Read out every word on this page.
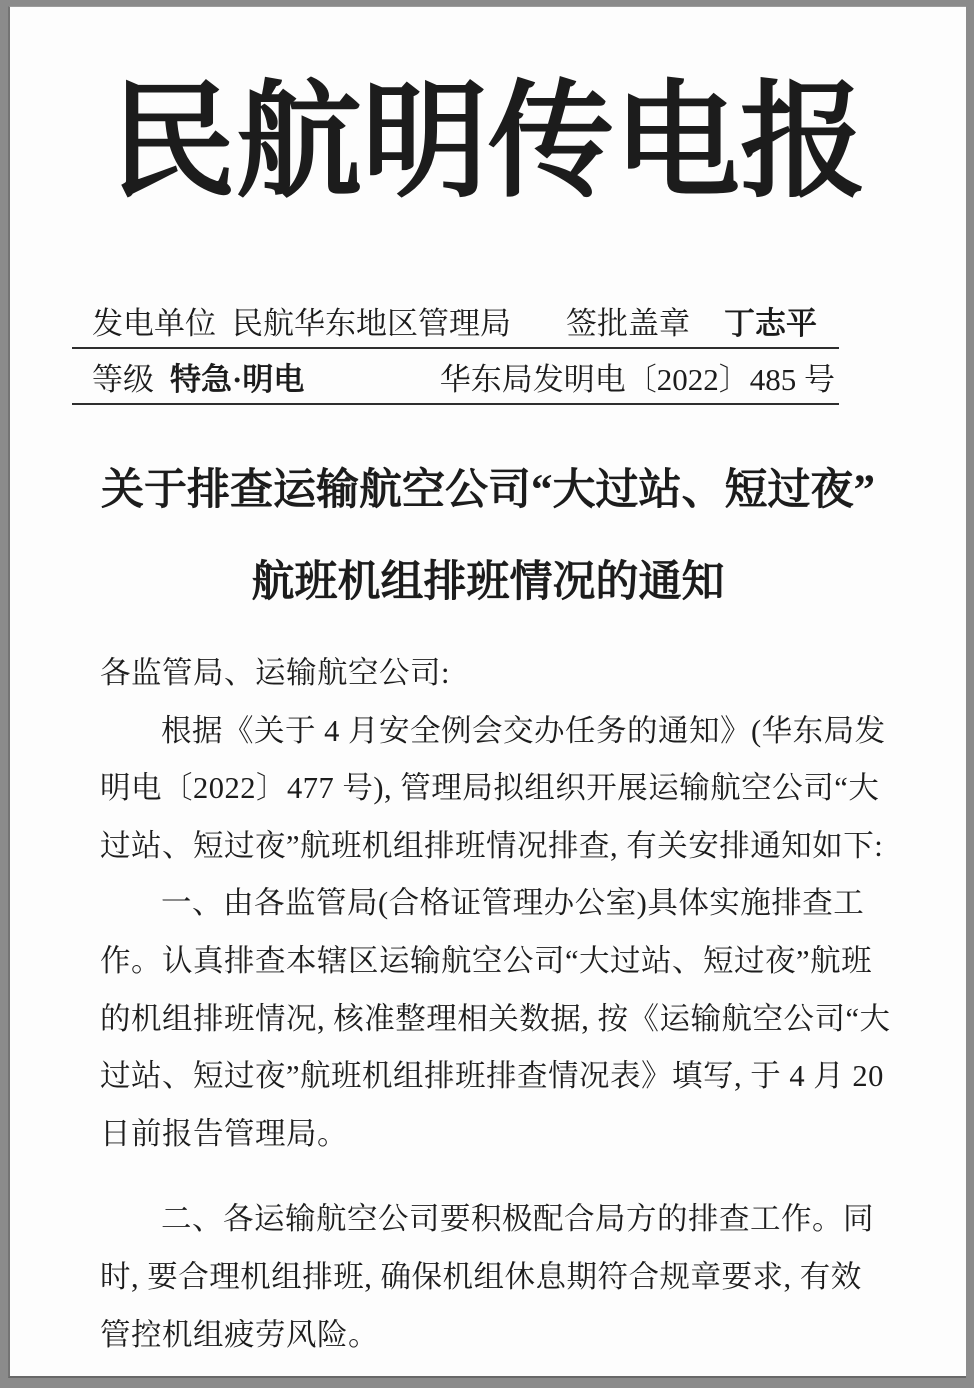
民航明传电报
发电单位 民航华东地区管理局 签批盖章 丁志平
等级 特急·明电	华东局发明电〔2022〕485 号
关于排查运输航空公司“大过站、短过夜”
航班机组排班情况的通知
各监管局、运输航空公司:
根据《关于 4 月安全例会交办任务的通知》(华东局发
明电〔2022〕477 号), 管理局拟组织开展运输航空公司“大
过站、短过夜”航班机组排班情况排查, 有关安排通知如下:
一、由各监管局(合格证管理办公室)具体实施排查工
作。认真排查本辖区运输航空公司“大过站、短过夜”航班
的机组排班情况, 核准整理相关数据, 按《运输航空公司“大
过站、短过夜”航班机组排班排查情况表》填写, 于 4 月 20
日前报告管理局。
二、各运输航空公司要积极配合局方的排查工作。同
时, 要合理机组排班, 确保机组休息期符合规章要求, 有效
管控机组疲劳风险。
